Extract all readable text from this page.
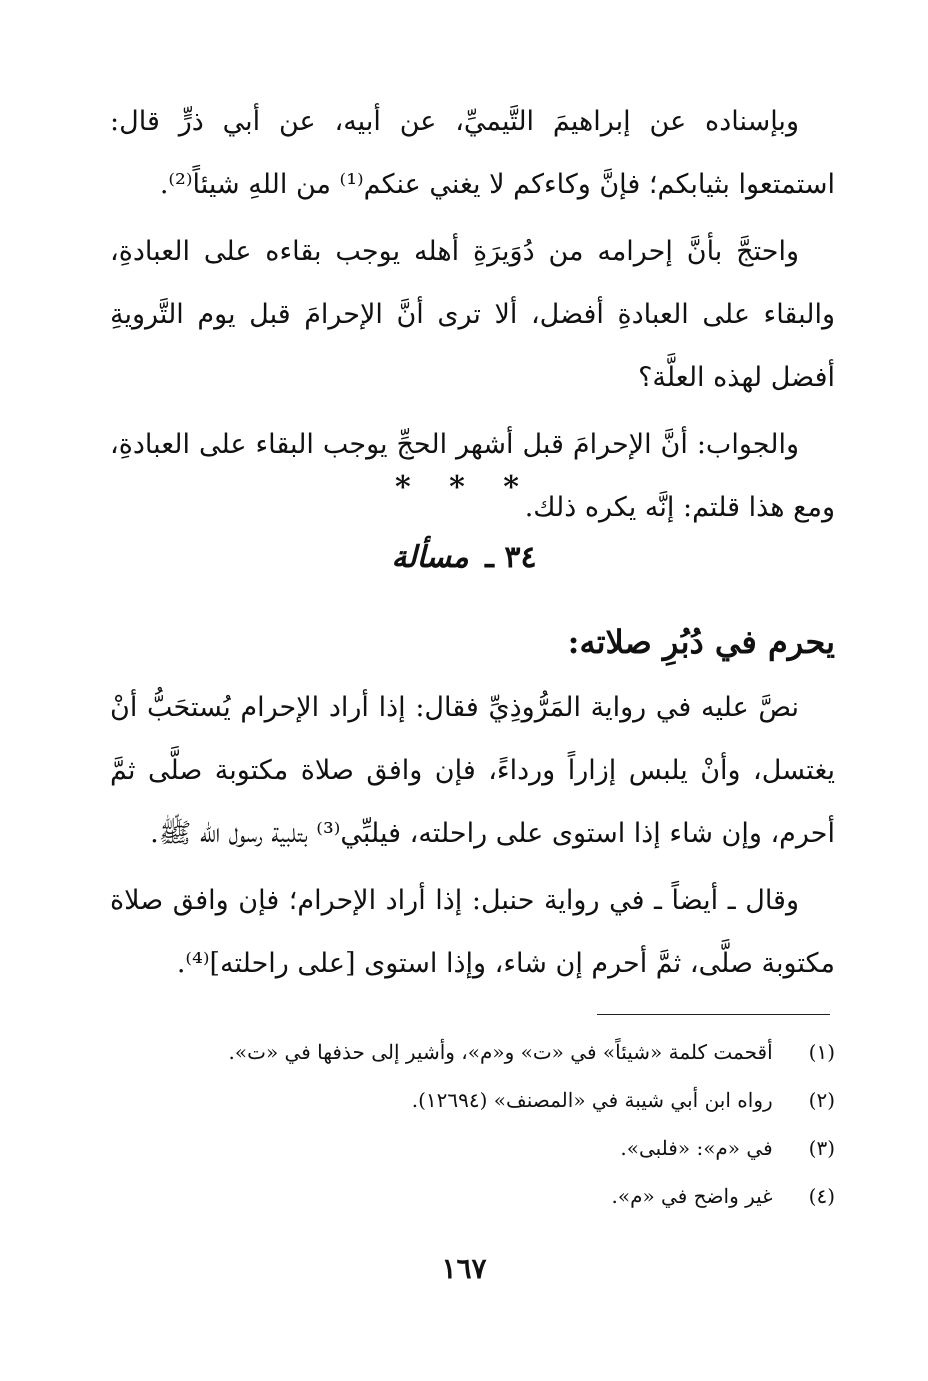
وبإسناده عن إبراهيمَ التَّيميِّ، عن أبيه، عن أبي ذرٍّ قال: استمتعوا بثيابكم؛ فإنَّ وكاءكم لا يغني عنكم⁽¹⁾ من اللهِ شيئاً⁽²⁾.

واحتجَّ بأنَّ إحرامه من دُوَيرَةِ أهله يوجب بقاءه على العبادةِ، والبقاء على العبادةِ أفضل، ألا ترى أنَّ الإحرامَ قبل يوم التَّرويةِ أفضل لهذه العلَّة؟

والجواب: أنَّ الإحرامَ قبل أشهر الحجِّ يوجب البقاء على العبادةِ، ومع هذا قلتم: إنَّه يكره ذلك.

* * *
٣٤ ـ مسألة
يحرم في دُبُرِ صلاته:

نصَّ عليه في رواية المَرُّوذِيِّ فقال: إذا أراد الإحرام يُستحَبُّ أنْ يغتسل، وأنْ يلبس إزاراً ورداءً، فإن وافق صلاة مكتوبة صلَّى ثمَّ أحرم، وإن شاء إذا استوى على راحلته، فيلبِّي⁽³⁾ بتلبية رسول الله ﷺ.

وقال ـ أيضاً ـ في رواية حنبل: إذا أراد الإحرام؛ فإن وافق صلاة مكتوبة صلَّى، ثمَّ أحرم إن شاء، وإذا استوى [على راحلته]⁽⁴⁾.

(١) أقحمت كلمة «شيئاً» في «ت» و«م»، وأشير إلى حذفها في «ت».
(٢) رواه ابن أبي شيبة في «المصنف» (١٢٦٩٤).
(٣) في «م»: «فلبى».
(٤) غير واضح في «م».
١٦٧
